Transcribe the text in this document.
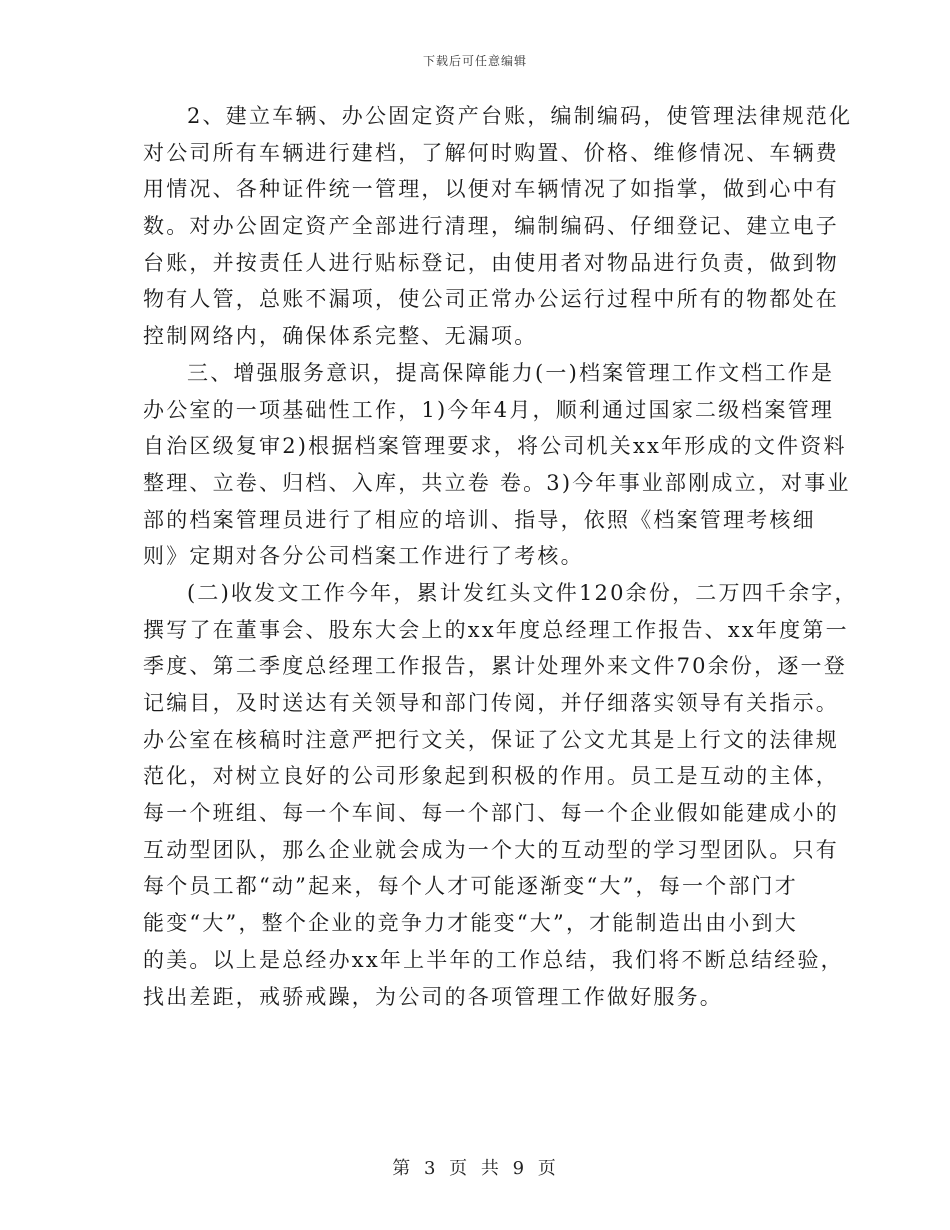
下载后可任意编辑
2、建立车辆、办公固定资产台账，编制编码，使管理法律规范化
对公司所有车辆进行建档，了解何时购置、价格、维修情况、车辆费
用情况、各种证件统一管理，以便对车辆情况了如指掌，做到心中有
数。对办公固定资产全部进行清理，编制编码、仔细登记、建立电子
台账，并按责任人进行贴标登记，由使用者对物品进行负责，做到物
物有人管，总账不漏项，使公司正常办公运行过程中所有的物都处在
控制网络内，确保体系完整、无漏项。
三、增强服务意识，提高保障能力(一)档案管理工作文档工作是
办公室的一项基础性工作，1)今年4月，顺利通过国家二级档案管理
自治区级复审2)根据档案管理要求，将公司机关xx年形成的文件资料
整理、立卷、归档、入库，共立卷 卷。3)今年事业部刚成立，对事业
部的档案管理员进行了相应的培训、指导，依照《档案管理考核细
则》定期对各分公司档案工作进行了考核。
(二)收发文工作今年，累计发红头文件120余份，二万四千余字，
撰写了在董事会、股东大会上的xx年度总经理工作报告、xx年度第一
季度、第二季度总经理工作报告，累计处理外来文件70余份，逐一登
记编目，及时送达有关领导和部门传阅，并仔细落实领导有关指示。
办公室在核稿时注意严把行文关，保证了公文尤其是上行文的法律规
范化，对树立良好的公司形象起到积极的作用。员工是互动的主体，
每一个班组、每一个车间、每一个部门、每一个企业假如能建成小的
互动型团队，那么企业就会成为一个大的互动型的学习型团队。只有
每个员工都“动”起来，每个人才可能逐渐变“大”，每一个部门才
能变“大”，整个企业的竞争力才能变“大”，才能制造出由小到大
的美。以上是总经办xx年上半年的工作总结，我们将不断总结经验，
找出差距，戒骄戒躁，为公司的各项管理工作做好服务。
第 3 页 共 9 页
